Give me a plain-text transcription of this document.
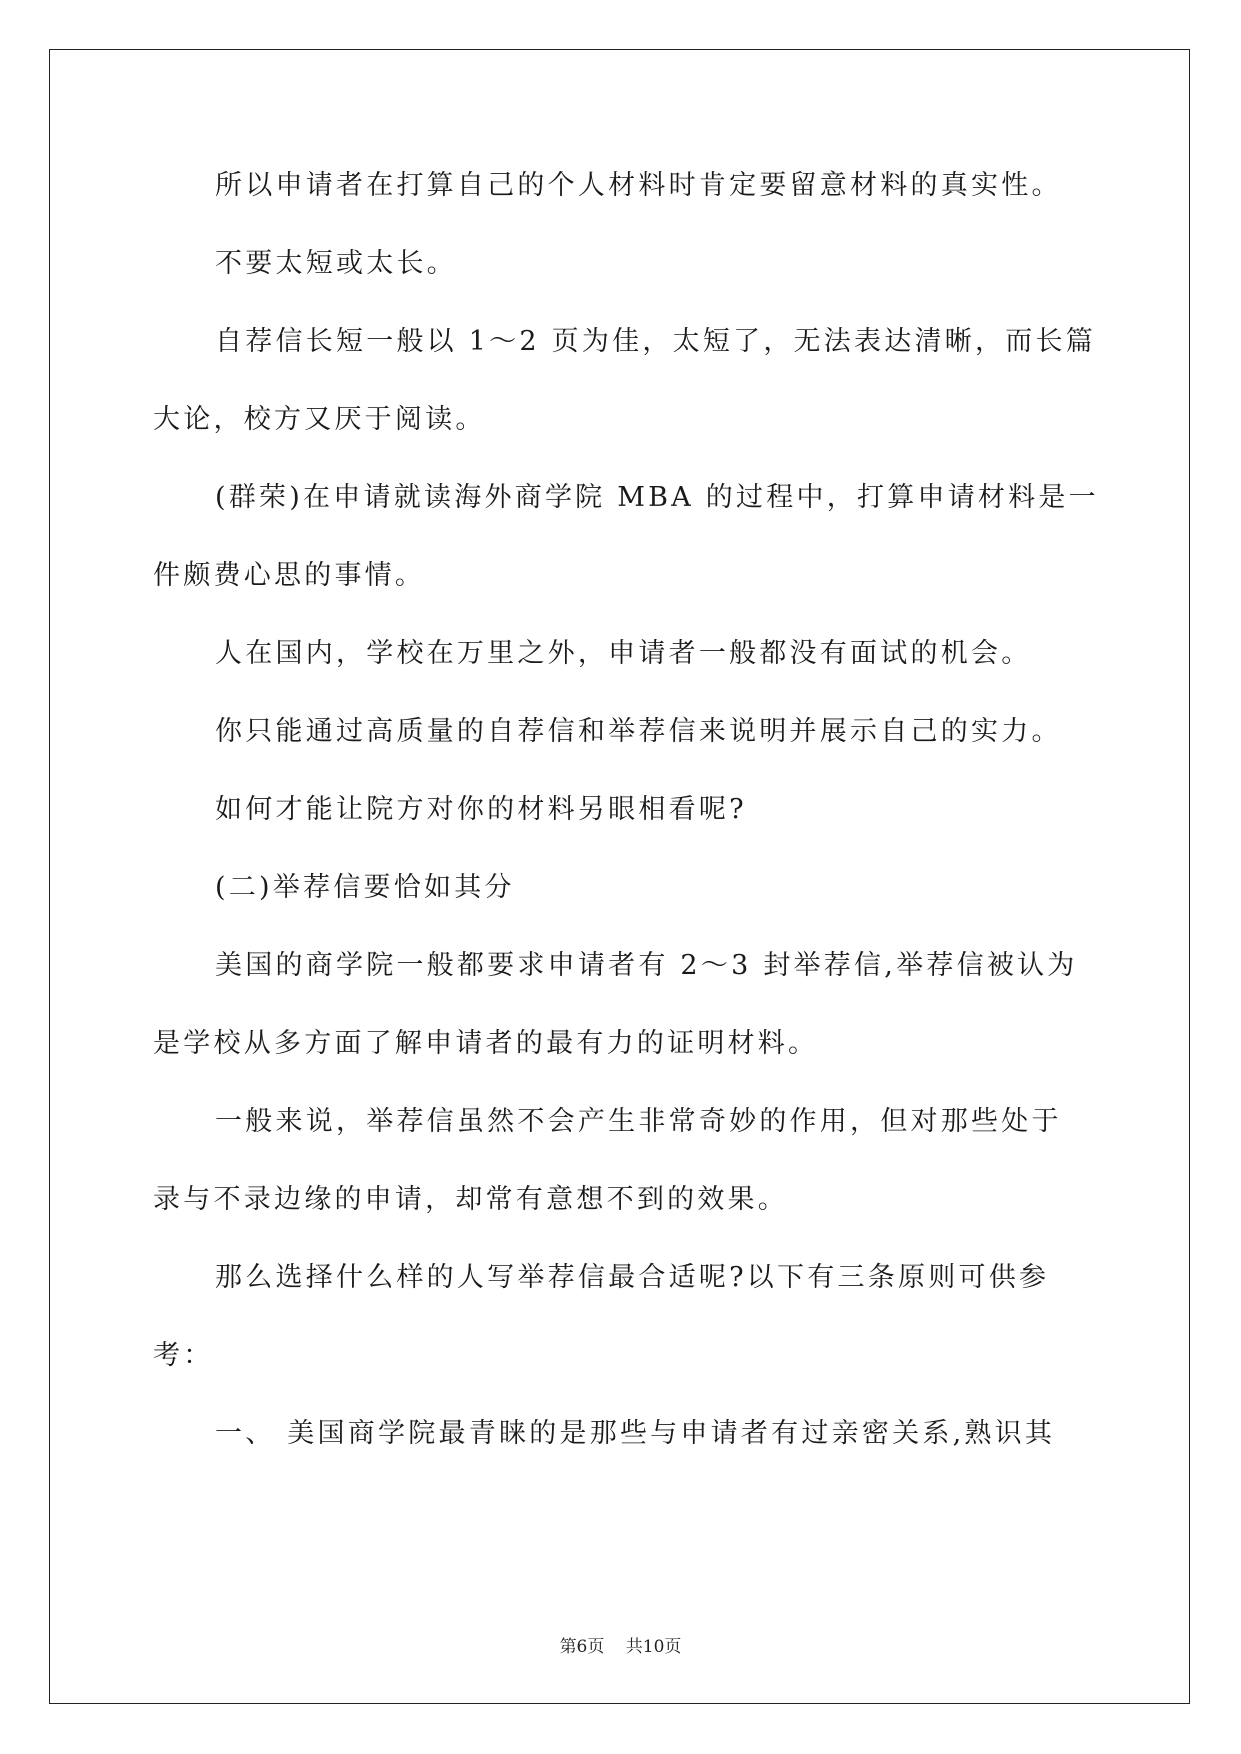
所以申请者在打算自己的个人材料时肯定要留意材料的真实性。
不要太短或太长。
自荐信长短一般以 1～2 页为佳，太短了，无法表达清晰，而长篇
大论，校方又厌于阅读。
(群荣)在申请就读海外商学院 MBA 的过程中，打算申请材料是一
件颇费心思的事情。
人在国内，学校在万里之外，申请者一般都没有面试的机会。
你只能通过高质量的自荐信和举荐信来说明并展示自己的实力。
如何才能让院方对你的材料另眼相看呢?
(二)举荐信要恰如其分
美国的商学院一般都要求申请者有 2～3 封举荐信,举荐信被认为
是学校从多方面了解申请者的最有力的证明材料。
一般来说，举荐信虽然不会产生非常奇妙的作用，但对那些处于
录与不录边缘的申请，却常有意想不到的效果。
那么选择什么样的人写举荐信最合适呢?以下有三条原则可供参
考：
一、 美国商学院最青睐的是那些与申请者有过亲密关系,熟识其

第6页 共10页
